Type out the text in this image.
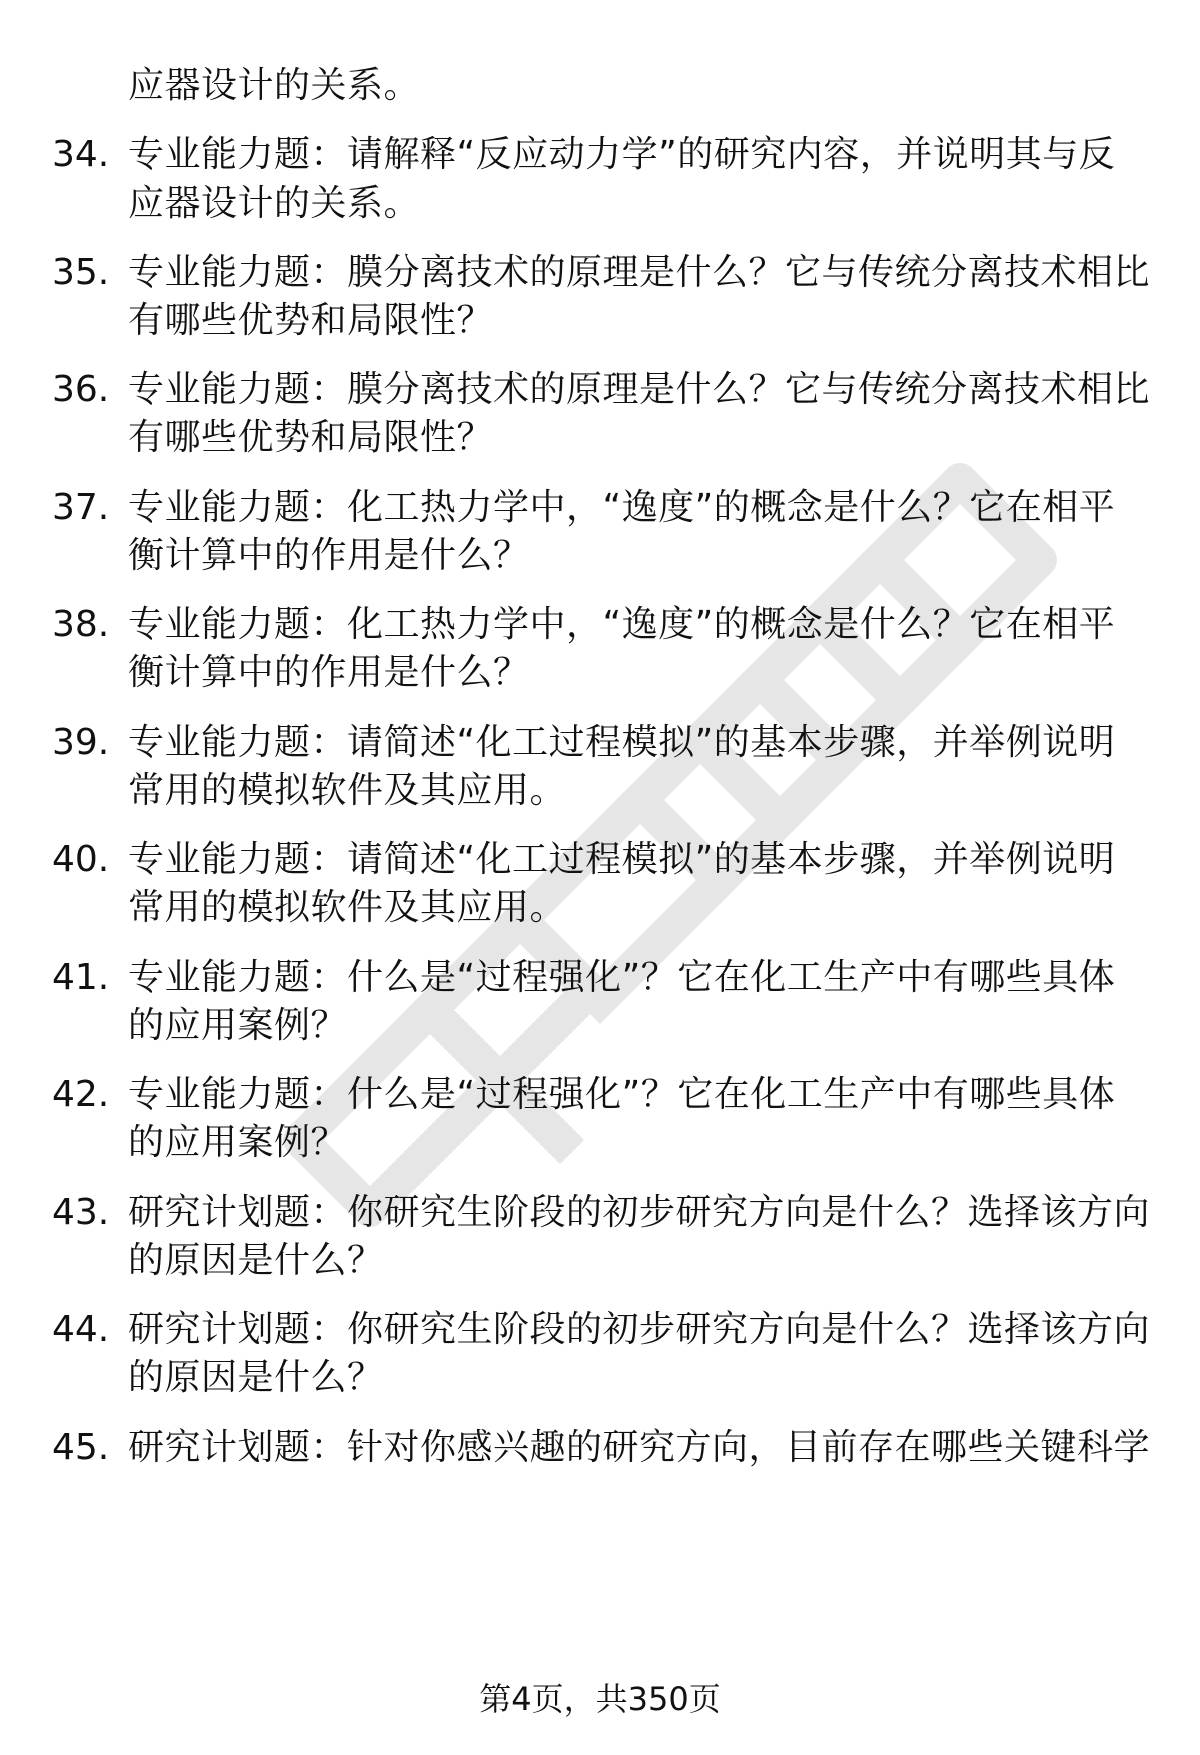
应器设计的关系。
34. 专业能力题：请解释“反应动力学”的研究内容，并说明其与反
应器设计的关系。
35. 专业能力题：膜分离技术的原理是什么？它与传统分离技术相比
有哪些优势和局限性？
36. 专业能力题：膜分离技术的原理是什么？它与传统分离技术相比
有哪些优势和局限性？
37. 专业能力题：化工热力学中，“逸度”的概念是什么？它在相平
衡计算中的作用是什么？
38. 专业能力题：化工热力学中，“逸度”的概念是什么？它在相平
衡计算中的作用是什么？
39. 专业能力题：请简述“化工过程模拟”的基本步骤，并举例说明
常用的模拟软件及其应用。
40. 专业能力题：请简述“化工过程模拟”的基本步骤，并举例说明
常用的模拟软件及其应用。
41. 专业能力题：什么是“过程强化”？它在化工生产中有哪些具体
的应用案例？
42. 专业能力题：什么是“过程强化”？它在化工生产中有哪些具体
的应用案例？
43. 研究计划题：你研究生阶段的初步研究方向是什么？选择该方向
的原因是什么？
44. 研究计划题：你研究生阶段的初步研究方向是什么？选择该方向
的原因是什么？
45. 研究计划题：针对你感兴趣的研究方向，目前存在哪些关键科学
第4页，共350页
